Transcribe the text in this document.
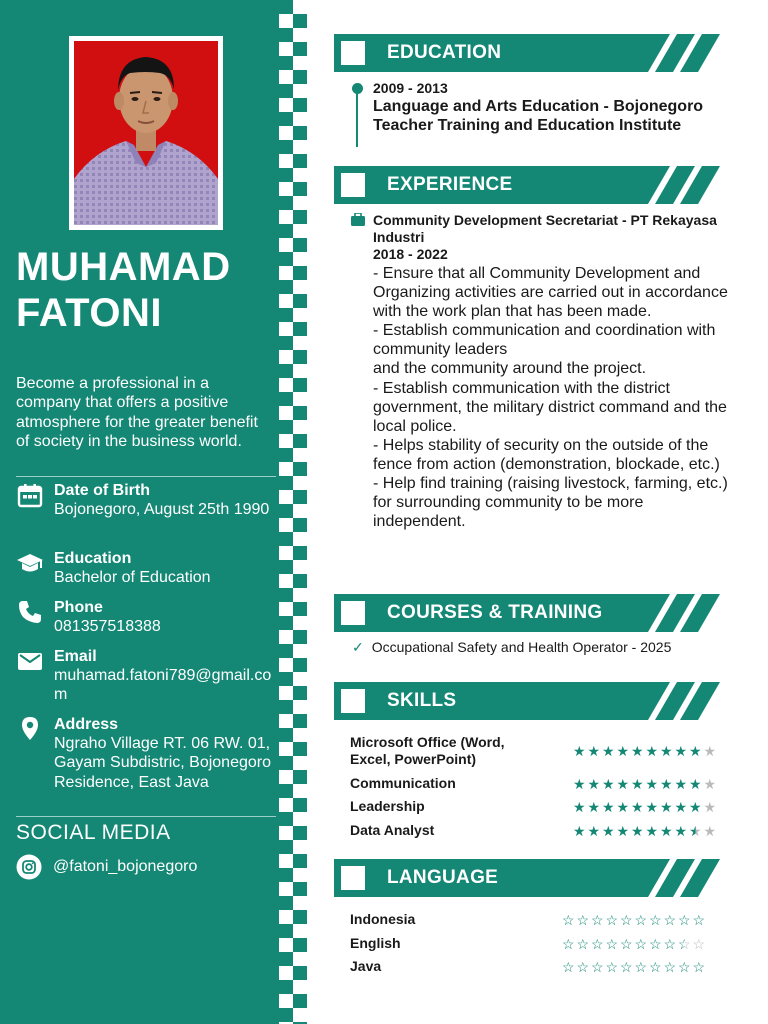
MUHAMAD
FATONI
Become a professional in a company that offers a positive atmosphere for the greater benefit of society in the business world.
Date of Birth
Bojonegoro, August 25th 1990
Education
Bachelor of Education
Phone
081357518388
Email
muhamad.fatoni789@gmail.com
Address
Ngraho Village RT. 06 RW. 01, Gayam Subdistric, Bojonegoro Residence, East Java
SOCIAL MEDIA
@fatoni_bojonegoro
EDUCATION
2009 - 2013
Language and Arts Education - Bojonegoro
Teacher Training and Education Institute
EXPERIENCE
Community Development Secretariat - PT Rekayasa Industri
2018 - 2022
- Ensure that all Community Development and Organizing activities are carried out in accordance with the work plan that has been made.
- Establish communication and coordination with community leaders
and the community around the project.
- Establish communication with the district government, the military district command and the local police.
- Helps stability of security on the outside of the fence from action (demonstration, blockade, etc.)
- Help find training (raising livestock, farming, etc.) for surrounding community to be more independent.
COURSES & TRAINING
✓ Occupational Safety and Health Operator - 2025
SKILLS
Microsoft Office (Word, Excel, PowerPoint)	★ ★ ★ ★ ★ ★ ★ ★ ★ ★
Communication	★ ★ ★ ★ ★ ★ ★ ★ ★ ★
Leadership	★ ★ ★ ★ ★ ★ ★ ★ ★ ★
Data Analyst	★ ★ ★ ★ ★ ★ ★ ★ ★ ★
LANGUAGE
Indonesia	☆ ☆ ☆ ☆ ☆ ☆ ☆ ☆ ☆ ☆
English	☆ ☆ ☆ ☆ ☆ ☆ ☆ ☆ ☆ ☆
Java	☆ ☆ ☆ ☆ ☆ ☆ ☆ ☆ ☆ ☆
